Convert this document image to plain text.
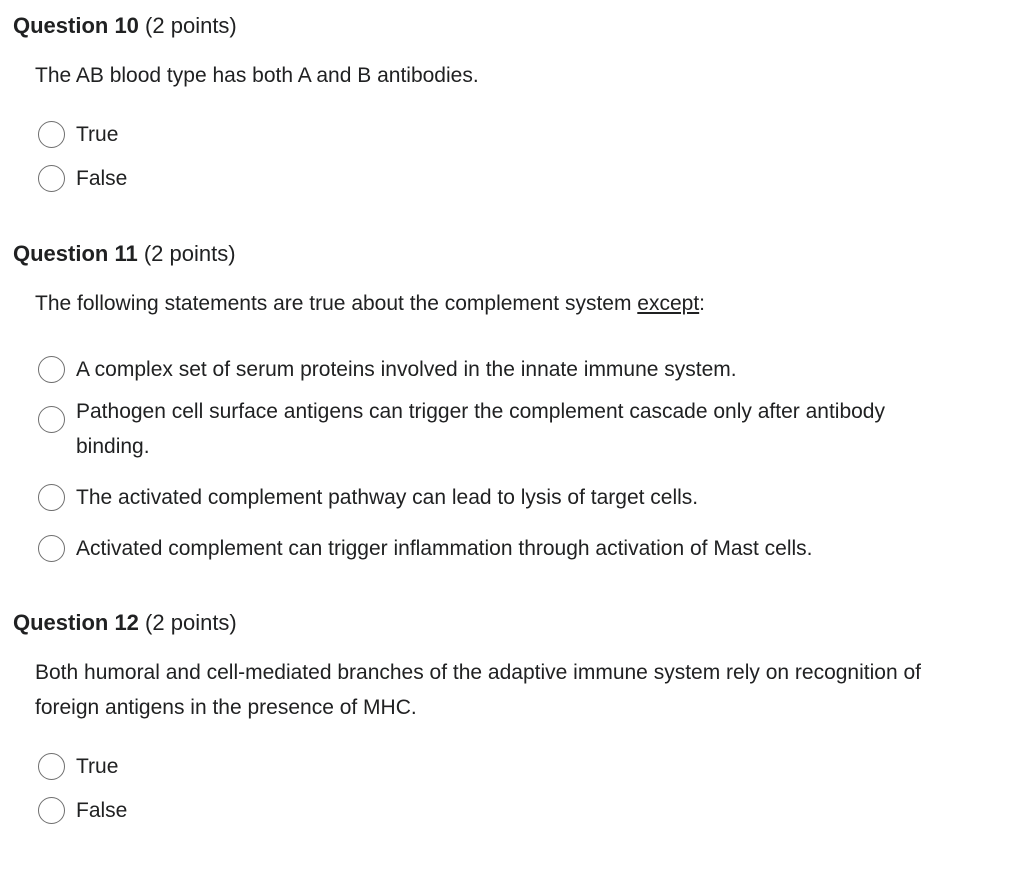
Question 10 (2 points)
The AB blood type has both A and B antibodies.
True
False
Question 11 (2 points)
The following statements are true about the complement system except:
A complex set of serum proteins involved in the innate immune system.
Pathogen cell surface antigens can trigger the complement cascade only after antibody binding.
The activated complement pathway can lead to lysis of target cells.
Activated complement can trigger inflammation through activation of Mast cells.
Question 12 (2 points)
Both humoral and cell-mediated branches of the adaptive immune system rely on recognition of foreign antigens in the presence of MHC.
True
False
